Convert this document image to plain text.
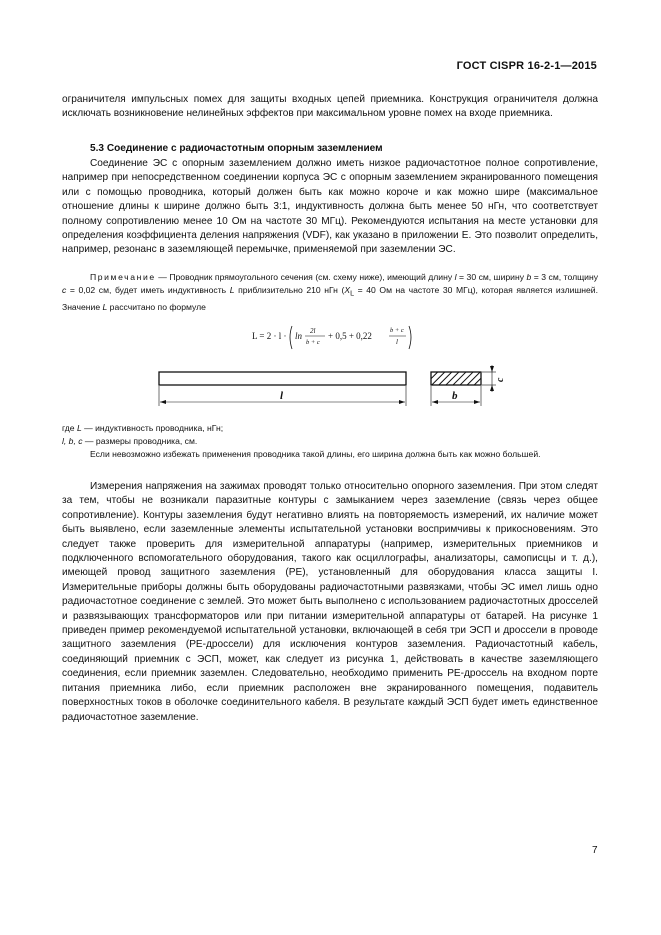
ГОСТ CISPR 16-2-1—2015
ограничителя импульсных помех для защиты входных цепей приемника. Конструкция ограничителя должна исключать возникновение нелинейных эффектов при максимальном уровне помех на входе приемника.
5.3 Соединение с радиочастотным опорным заземлением
Соединение ЭС с опорным заземлением должно иметь низкое радиочастотное полное сопротивление, например при непосредственном соединении корпуса ЭС с опорным заземлением экранированного помещения или с помощью проводника, который должен быть как можно короче и как можно шире (максимальное отношение длины к ширине должно быть 3:1, индуктивность должна быть менее 50 нГн, что соответствует полному сопротивлению менее 10 Ом на частоте 30 МГц). Рекомендуются испытания на месте установки для определения коэффициента деления напряжения (VDF), как указано в приложении Е. Это позволит определить, например, резонанс в заземляющей перемычке, применяемой при заземлении ЭС.
Примечание — Проводник прямоугольного сечения (см. схему ниже), имеющий длину l = 30 см, ширину b = 3 см, толщину c = 0,02 см, будет иметь индуктивность L приблизительно 210 нГн ($X_L = 40$ Ом на частоте 30 МГц), которая является излишней. Значение L рассчитано по формуле
L = 2 · l · ln 2l
b + c
+ 0,5 + 0,22
b + c
l
l	b
c
где L — индуктивность проводника, нГн;
l, b, c — размеры проводника, см.
Если невозможно избежать применения проводника такой длины, его ширина должна быть как можно большей.
Измерения напряжения на зажимах проводят только относительно опорного заземления. При этом следят за тем, чтобы не возникали паразитные контуры с замыканием через заземление (связь через общее сопротивление). Контуры заземления будут негативно влиять на повторяемость измерений, их наличие может быть выявлено, если заземленные элементы испытательной установки воспримчивы к прикосновениям. Это следует также проверить для измерительной аппаратуры (например, измерительных приемников и подключенного вспомогательного оборудования, такого как осциллографы, анализаторы, самописцы и т. д.), имеющей провод защитного заземления (PE), установленный для оборудования класса защиты I. Измерительные приборы должны быть оборудованы радиочастотными развязками, чтобы ЭС имел лишь одно радиочастотное соединение с землей. Это может быть выполнено с использованием радиочастотных дросселей и развязывающих трансформаторов или при питании измерительной аппаратуры от батарей. На рисунке 1 приведен пример рекомендуемой испытательной установки, включающей в себя три ЭСП и дроссели в проводе защитного заземления (PE-дроссели) для исключения контуров заземления. Радиочастотный кабель, соединяющий приемник с ЭСП, может, как следует из рисунка 1, действовать в качестве заземляющего соединения, если приемник заземлен. Следовательно, необходимо применить PE-дроссель на входном порте питания приемника либо, если приемник расположен вне экранированного помещения, подавитель поверхностных токов в оболочке соединительного кабеля. В результате каждый ЭСП будет иметь единственное радиочастотное заземление.
7
